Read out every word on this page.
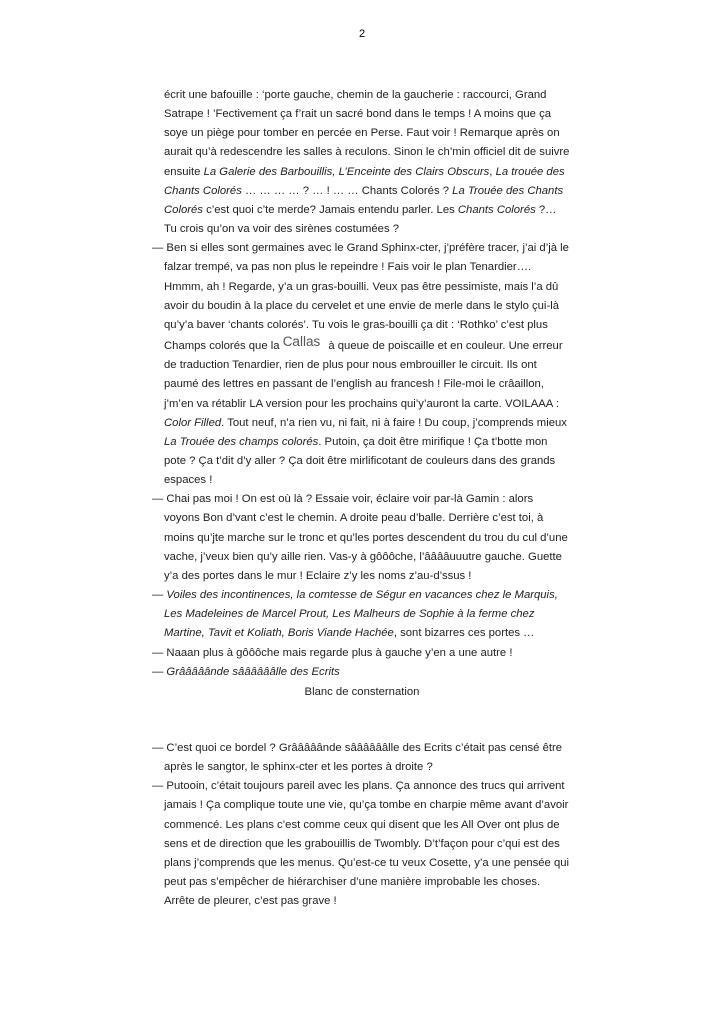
2

écrit une bafouille : ‘porte gauche, chemin de la gaucherie : raccourci, Grand Satrape ! ’Fectivement ça f’rait un sacré bond dans le temps ! A moins que ça soye un piège pour tomber en percée en Perse. Faut voir ! Remarque après on aurait qu’à redescendre les salles à reculons. Sinon le ch’min officiel dit de suivre ensuite La Galerie des Barbouillis, L’Enceinte des Clairs Obscurs, La trouée des Chants Colorés … … … … ? … ! … … Chants Colorés ? La Trouée des Chants Colorés c’est quoi c’te merde? Jamais entendu parler. Les Chants Colorés ?… Tu crois qu’on va voir des sirènes costumées ?

— Ben si elles sont germaines avec le Grand Sphinx-cter, j’préfère tracer, j’ai d’jà le falzar trempé, va pas non plus le repeindre ! Fais voir le plan Tenardier…. Hmmm, ah ! Regarde, y’a un gras-bouilli. Veux pas être pessimiste, mais l’a dû avoir du boudin à la place du cervelet et une envie de merle dans le stylo çui-là qu’y’a baver ‘chants colorés’. Tu vois le gras-bouilli ça dit : ‘Rothko’ c’est plus Champs colorés que la Callas à queue de poiscaille et en couleur. Une erreur de traduction Tenardier, rien de plus pour nous embrouiller le circuit. Ils ont paumé des lettres en passant de l’english au francesh ! File-moi le crâaillon, j’m’en va rétablir LA version pour les prochains qui’y’auront la carte. VOILAAA : Color Filled. Tout neuf, n’a rien vu, ni fait, ni à faire ! Du coup, j’comprends mieux La Trouée des champs colorés. Putoin, ça doit être mirifique ! Ça t’botte mon pote ? Ça t’dit d’y aller ? Ça doit être mirlificotant de couleurs dans des grands espaces !

— Chai pas moi ! On est où là ? Essaie voir, éclaire voir par-là Gamin : alors voyons Bon d’vant c’est le chemin. A droite peau d’balle. Derrière c’est toi, à moins qu’jte marche sur le tronc et qu’les portes descendent du trou du cul d’une vache, j’veux bien qu’y aille rien. Vas-y à gôôôche, l’ââââuuutre gauche. Guette y’a des portes dans le mur ! Eclaire z’y les noms z’au-d’ssus !

— Voiles des incontinences, la comtesse de Ségur en vacances chez le Marquis, Les Madeleines de Marcel Prout, Les Malheurs de Sophie à la ferme chez Martine, Tavit et Koliath, Boris Viande Hachée, sont bizarres ces portes …

— Naaan plus à gôôôche mais regarde plus à gauche y’en a une autre !

— Grââââânde sââââââlle des Ecrits

Blanc de consternation

— C’est quoi ce bordel ? Grââââânde sââââââlle des Ecrits c’était pas censé être après le sangtor, le sphinx-cter et les portes à droite ?

— Putooin, c’était toujours pareil avec les plans. Ça annonce des trucs qui arrivent jamais ! Ça complique toute une vie, qu’ça tombe en charpie même avant d’avoir commencé. Les plans c’est comme ceux qui disent que les All Over ont plus de sens et de direction que les grabouillis de Twombly. D’t’façon pour c’qui est des plans j’comprends que les menus. Qu’est-ce tu veux Cosette, y’a une pensée qui peut pas s’empêcher de hiérarchiser d’une manière improbable les choses. Arrête de pleurer, c’est pas grave !
